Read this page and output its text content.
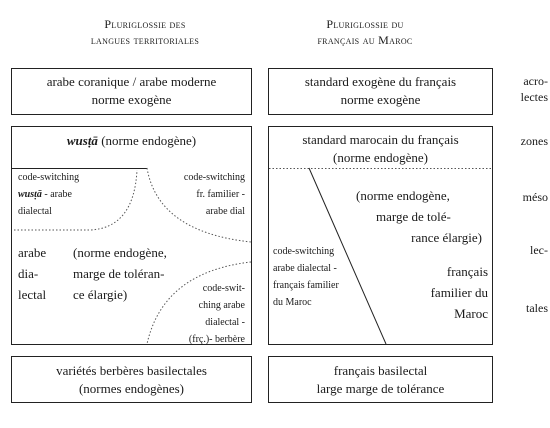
Pluriglossie des
langues territoriales
Pluriglossie du
français au Maroc
arabe coranique / arabe moderne
norme exogène
wusṭā (norme endogène)
code-switching
wusṭā - arabe
dialectal
code-switching
fr. familier -
arabe dial
arabe
dia-
lectal
(norme endogène,
marge de toléran-
ce élargie)	code-swit-
ching arabe
dialectal -
(frç.)- berbère
variétés berbères basilectales
(normes endogènes)
standard exogène du français
norme exogène
standard marocain du français
(norme endogène)
(norme endogène,
marge de tolé-
rance élargie)
code-switching
arabe dialectal -
français familier
du Maroc
français
familier du
Maroc
français basilectal
large marge de tolérance
acro-
lectes
zones
méso
lec-
tales
